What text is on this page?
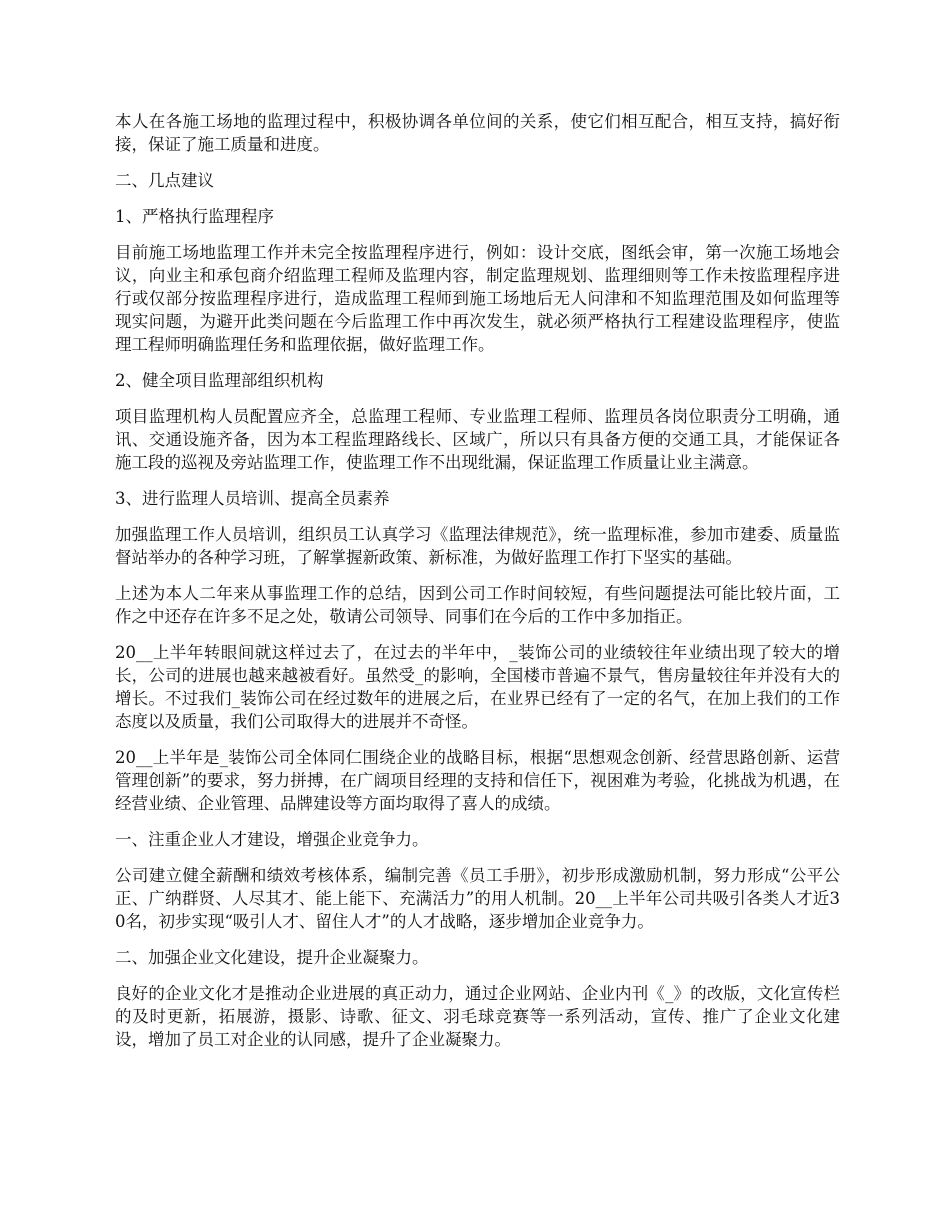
本人在各施工场地的监理过程中，积极协调各单位间的关系，使它们相互配合，相互支持，搞好衔接，保证了施工质量和进度。

二、几点建议

1、严格执行监理程序

目前施工场地监理工作并未完全按监理程序进行，例如：设计交底，图纸会审，第一次施工场地会议，向业主和承包商介绍监理工程师及监理内容，制定监理规划、监理细则等工作未按监理程序进行或仅部分按监理程序进行，造成监理工程师到施工场地后无人问津和不知监理范围及如何监理等现实问题，为避开此类问题在今后监理工作中再次发生，就必须严格执行工程建设监理程序，使监理工程师明确监理任务和监理依据，做好监理工作。

2、健全项目监理部组织机构

项目监理机构人员配置应齐全，总监理工程师、专业监理工程师、监理员各岗位职责分工明确，通讯、交通设施齐备，因为本工程监理路线长、区域广，所以只有具备方便的交通工具，才能保证各施工段的巡视及旁站监理工作，使监理工作不出现纰漏，保证监理工作质量让业主满意。

3、进行监理人员培训、提高全员素养

加强监理工作人员培训，组织员工认真学习《监理法律规范》，统一监理标准，参加市建委、质量监督站举办的各种学习班，了解掌握新政策、新标准，为做好监理工作打下坚实的基础。

上述为本人二年来从事监理工作的总结，因到公司工作时间较短，有些问题提法可能比较片面，工作之中还存在许多不足之处，敬请公司领导、同事们在今后的工作中多加指正。

20__上半年转眼间就这样过去了，在过去的半年中，_装饰公司的业绩较往年业绩出现了较大的增长，公司的进展也越来越被看好。虽然受_的影响，全国楼市普遍不景气，售房量较往年并没有大的增长。不过我们_装饰公司在经过数年的进展之后，在业界已经有了一定的名气，在加上我们的工作态度以及质量，我们公司取得大的进展并不奇怪。

20__上半年是_装饰公司全体同仁围绕企业的战略目标，根据“思想观念创新、经营思路创新、运营管理创新”的要求，努力拼搏，在广阔项目经理的支持和信任下，视困难为考验，化挑战为机遇，在经营业绩、企业管理、品牌建设等方面均取得了喜人的成绩。

一、注重企业人才建设，增强企业竞争力。

公司建立健全薪酬和绩效考核体系，编制完善《员工手册》，初步形成激励机制，努力形成“公平公正、广纳群贤、人尽其才、能上能下、充满活力”的用人机制。20__上半年公司共吸引各类人才近30名，初步实现“吸引人才、留住人才”的人才战略，逐步增加企业竞争力。

二、加强企业文化建设，提升企业凝聚力。

良好的企业文化才是推动企业进展的真正动力，通过企业网站、企业内刊《_》的改版，文化宣传栏的及时更新，拓展游，摄影、诗歌、征文、羽毛球竞赛等一系列活动，宣传、推广了企业文化建设，增加了员工对企业的认同感，提升了企业凝聚力。
